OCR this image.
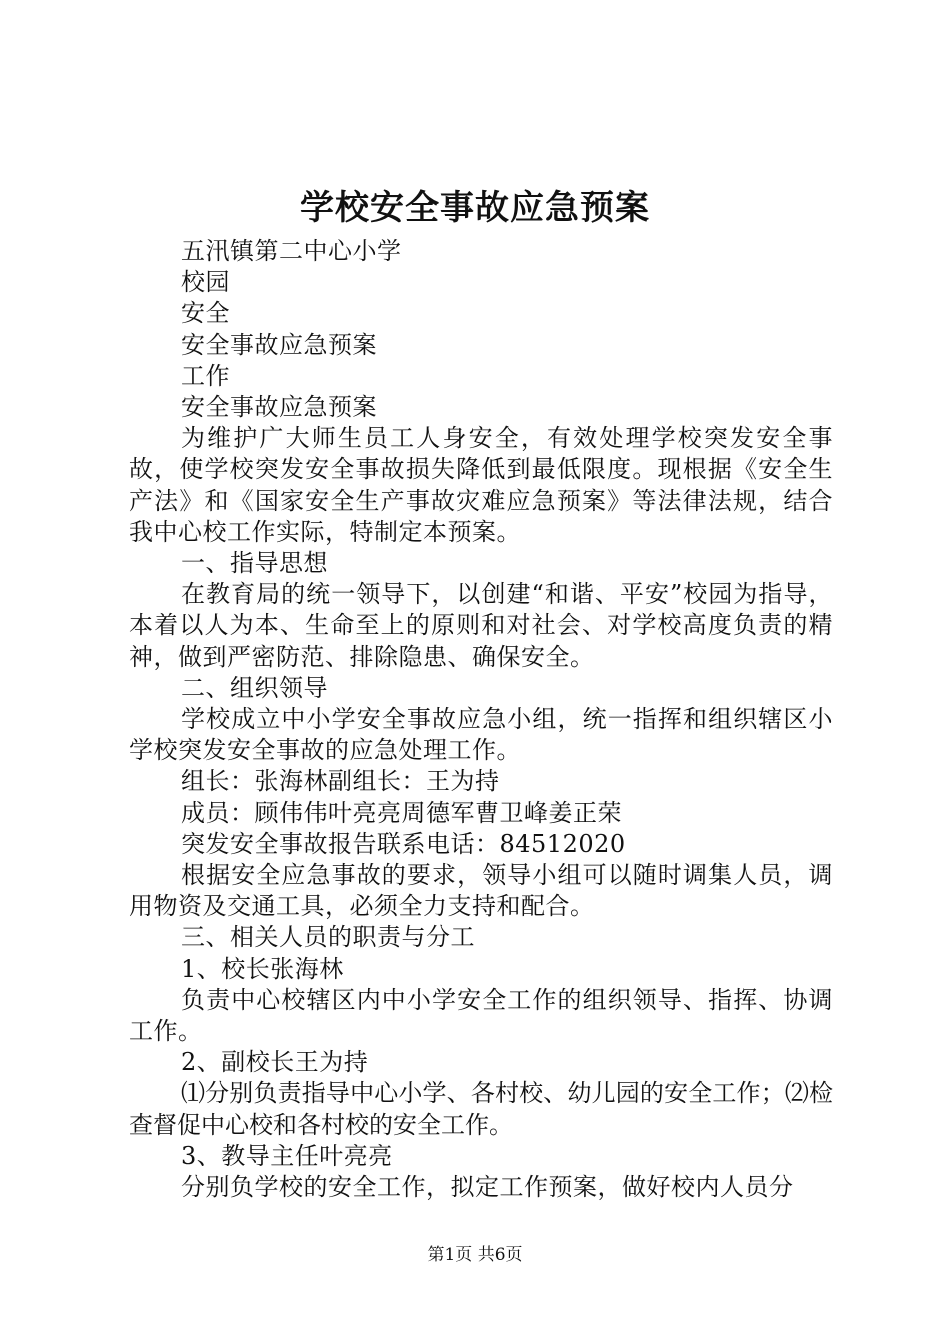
学校安全事故应急预案

五汛镇第二中心小学

校园

安全

安全事故应急预案

工作

安全事故应急预案

为维护广大师生员工人身安全，有效处理学校突发安全事故，使学校突发安全事故损失降低到最低限度。现根据《安全生产法》和《国家安全生产事故灾难应急预案》等法律法规，结合我中心校工作实际，特制定本预案。

一、指导思想

在教育局的统一领导下，以创建“和谐、平安”校园为指导，本着以人为本、生命至上的原则和对社会、对学校高度负责的精神，做到严密防范、排除隐患、确保安全。

二、组织领导

学校成立中小学安全事故应急小组，统一指挥和组织辖区小学校突发安全事故的应急处理工作。

组长：张海林副组长：王为持

成员：顾伟伟叶亮亮周德军曹卫峰姜正荣

突发安全事故报告联系电话：84512020

根据安全应急事故的要求，领导小组可以随时调集人员，调用物资及交通工具，必须全力支持和配合。

三、相关人员的职责与分工

1、校长张海林

负责中心校辖区内中小学安全工作的组织领导、指挥、协调工作。

2、副校长王为持

⑴分别负责指导中心小学、各村校、幼儿园的安全工作；⑵检查督促中心校和各村校的安全工作。

3、教导主任叶亮亮

分别负学校的安全工作，拟定工作预案，做好校内人员分

第1页 共6页
